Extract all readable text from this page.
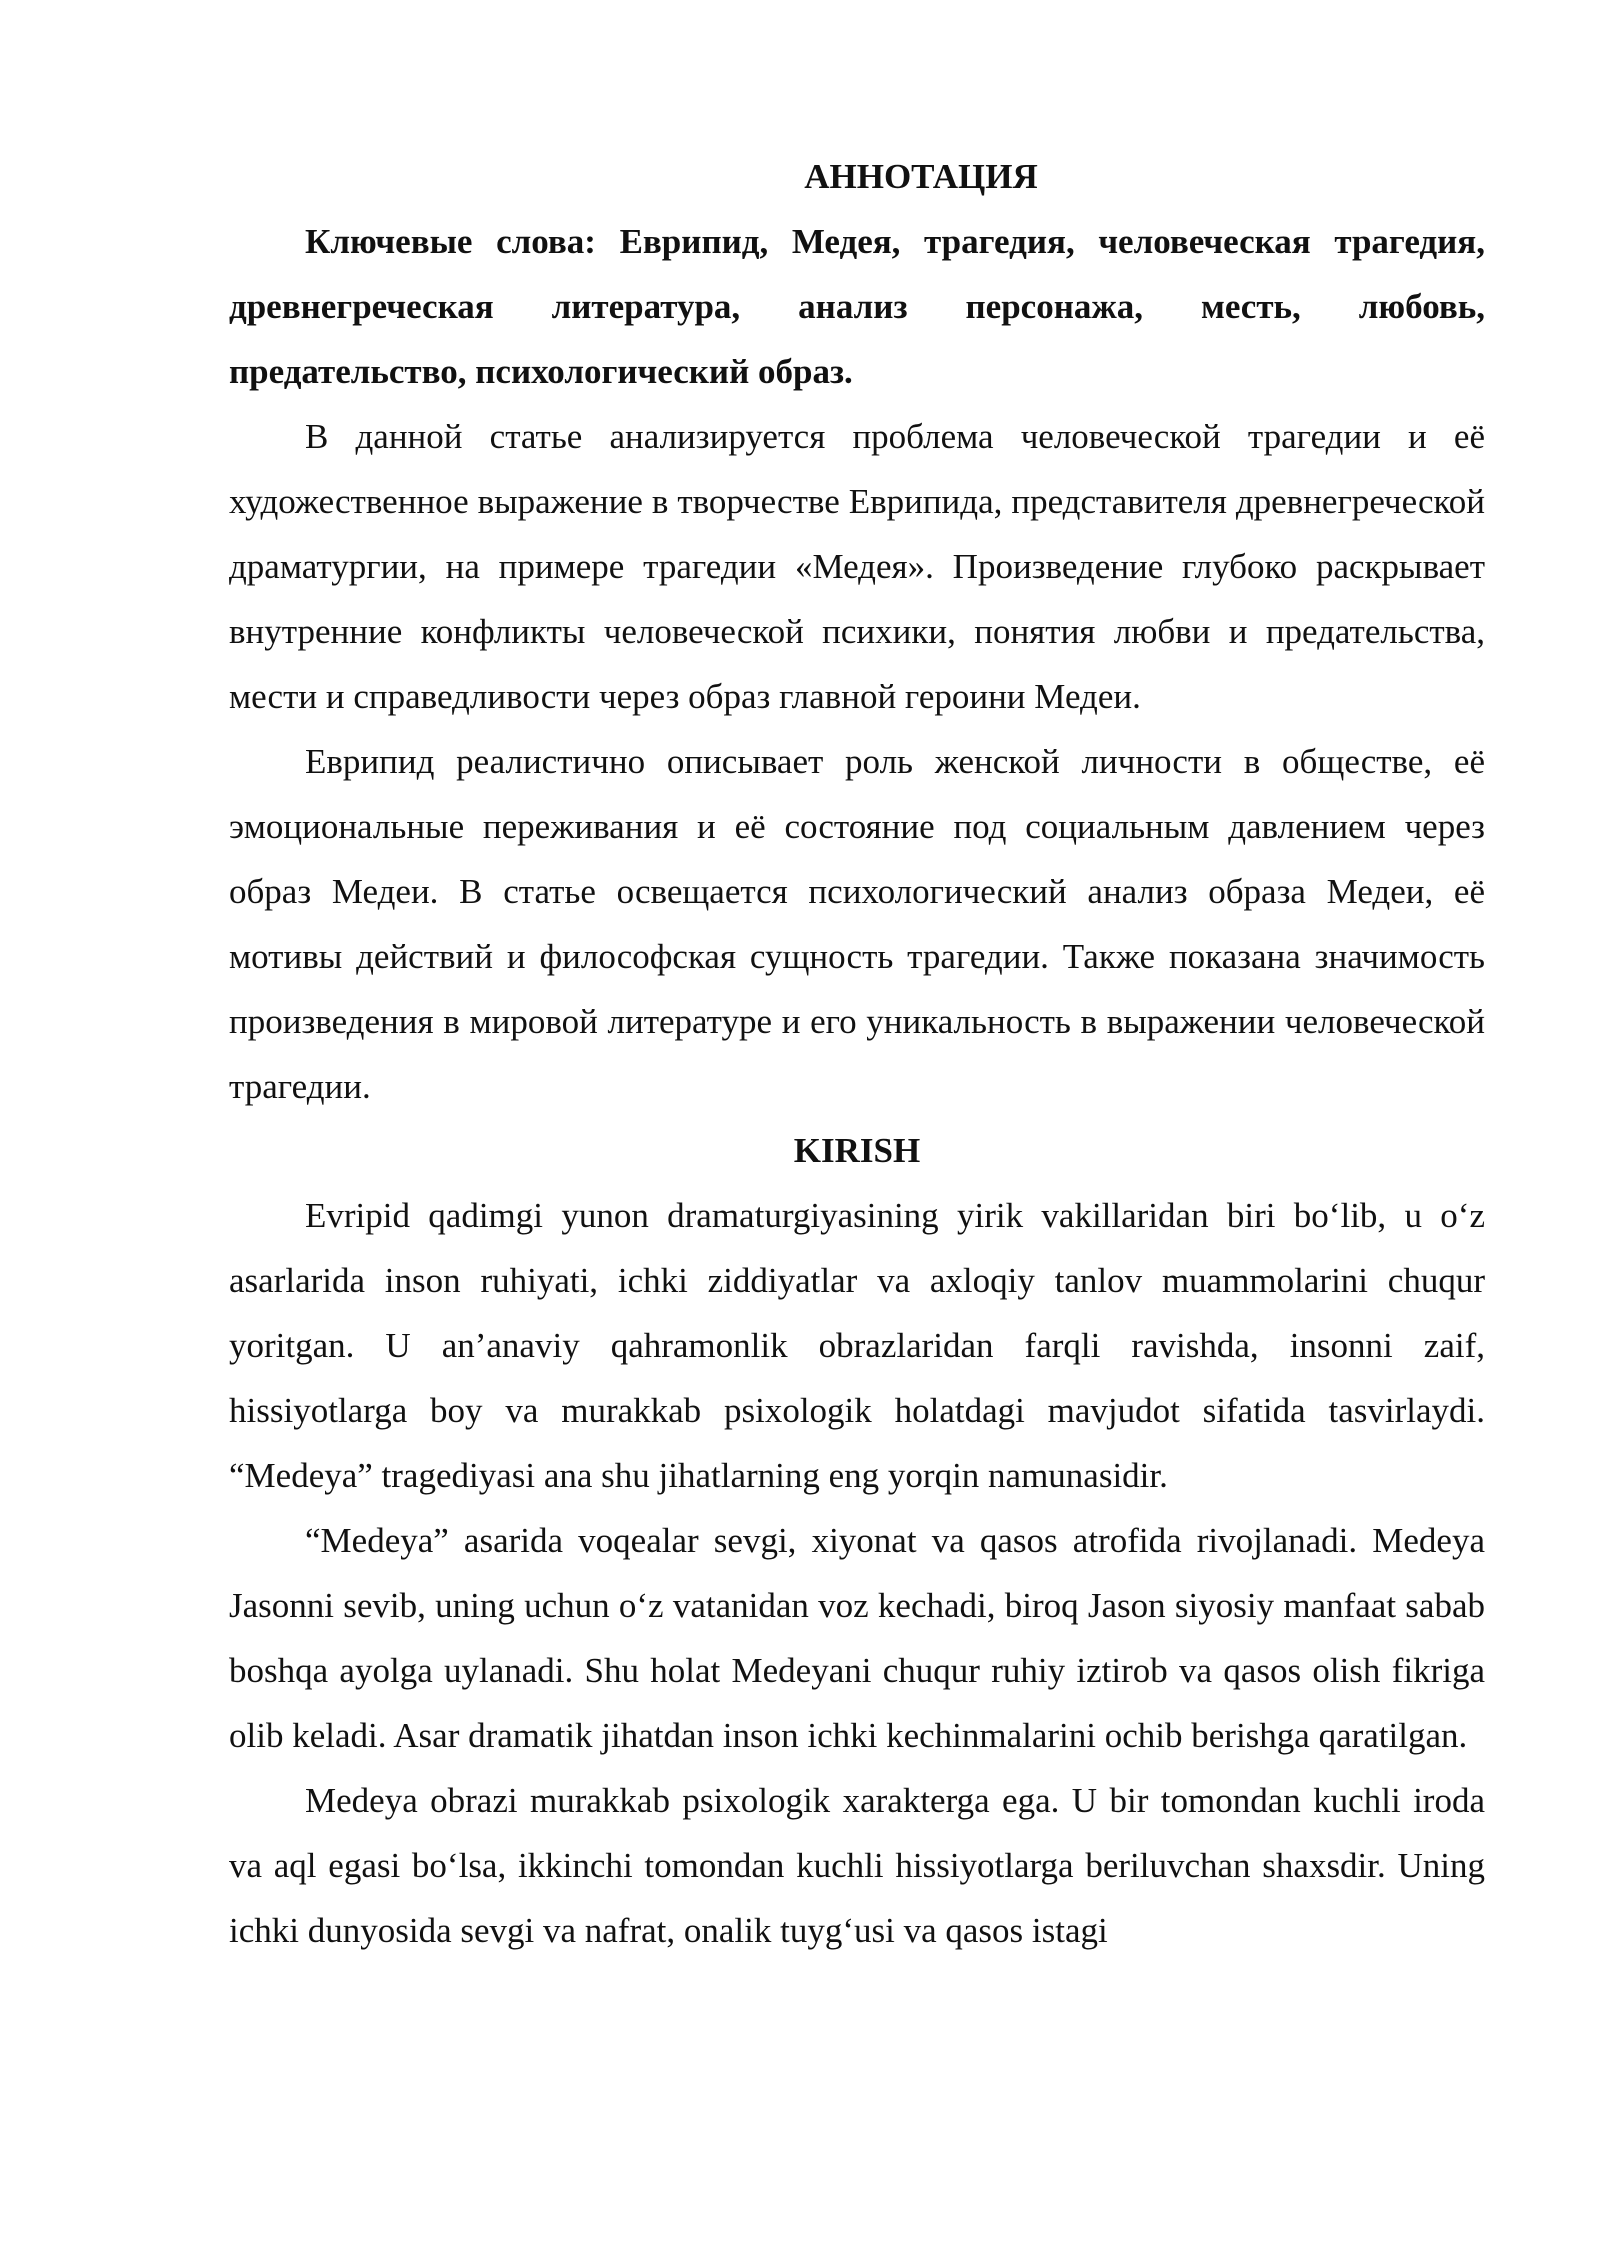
АННОТАЦИЯ

Ключевые слова: Еврипид, Медея, трагедия, человеческая трагедия, древнегреческая литература, анализ персонажа, месть, любовь, предательство, психологический образ.

В данной статье анализируется проблема человеческой трагедии и её художественное выражение в творчестве Еврипида, представителя древнегреческой драматургии, на примере трагедии «Медея». Произведение глубоко раскрывает внутренние конфликты человеческой психики, понятия любви и предательства, мести и справедливости через образ главной героини Медеи.

Еврипид реалистично описывает роль женской личности в обществе, её эмоциональные переживания и её состояние под социальным давлением через образ Медеи. В статье освещается психологический анализ образа Медеи, её мотивы действий и философская сущность трагедии. Также показана значимость произведения в мировой литературе и его уникальность в выражении человеческой трагедии.

KIRISH

Evripid qadimgi yunon dramaturgiyasining yirik vakillaridan biri bo‘lib, u o‘z asarlarida inson ruhiyati, ichki ziddiyatlar va axloqiy tanlov muammolarini chuqur yoritgan. U an’anaviy qahramonlik obrazlaridan farqli ravishda, insonni zaif, hissiyotlarga boy va murakkab psixologik holatdagi mavjudot sifatida tasvirlaydi. “Medeya” tragediyasi ana shu jihatlarning eng yorqin namunasidir.

“Medeya” asarida voqealar sevgi, xiyonat va qasos atrofida rivojlanadi. Medeya Jasonni sevib, uning uchun o‘z vatanidan voz kechadi, biroq Jason siyosiy manfaat sabab boshqa ayolga uylanadi. Shu holat Medeyani chuqur ruhiy iztirob va qasos olish fikriga olib keladi. Asar dramatik jihatdan inson ichki kechinmalarini ochib berishga qaratilgan.

Medeya obrazi murakkab psixologik xarakterga ega. U bir tomondan kuchli iroda va aql egasi bo‘lsa, ikkinchi tomondan kuchli hissiyotlarga beriluvchan shaxsdir. Uning ichki dunyosida sevgi va nafrat, onalik tuyg‘usi va qasos istagi
